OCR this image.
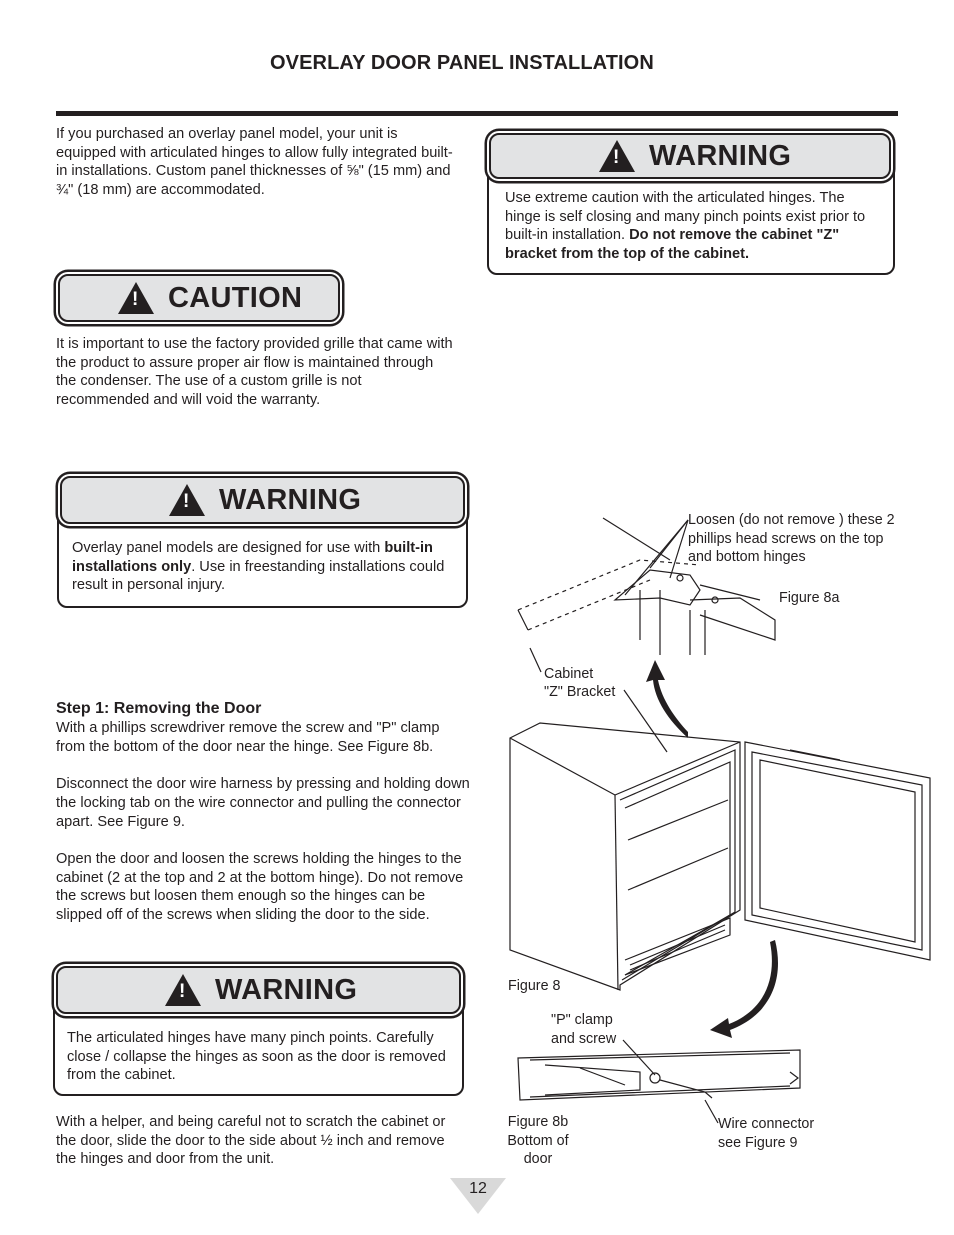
OVERLAY DOOR PANEL INSTALLATION
If you purchased an overlay panel model, your unit is equipped with articulated hinges to allow fully integrated built-in installations. Custom panel thicknesses of ⅝" (15 mm) and ¾" (18 mm) are accommodated.
! WARNING
Use extreme caution with the articulated hinges. The hinge is self closing and many pinch points exist prior to built-in installation. Do not remove the cabinet "Z" bracket from the top of the cabinet.
! CAUTION
It is important to use the factory provided grille that came with the product to assure proper air flow is maintained through the condenser. The use of a custom grille is not recommended and will void the warranty.
! WARNING
Overlay panel models are designed for use with built-in installations only. Use in freestanding installations could result in personal injury.
Step 1: Removing the Door

With a phillips screwdriver remove the screw and "P" clamp from the bottom of the door near the hinge. See Figure 8b.

Disconnect the door wire harness by pressing and holding down the locking tab on the wire connector and pulling the connector apart. See Figure 9.

Open the door and loosen the screws holding the hinges to the cabinet (2 at the top and 2 at the bottom hinge). Do not remove the screws but loosen them enough so the hinges can be slipped off of the screws when sliding the door to the side.

! WARNING
The articulated hinges have many pinch points. Carefully close / collapse the hinges as soon as the door is removed from the cabinet.
With a helper, and being careful not to scratch the cabinet or the door, slide the door to the side about ½ inch and remove the hinges and door from the unit.
Loosen (do not remove ) these 2 phillips head screws on the top and bottom hinges
Figure 8a
Cabinet
"Z" Bracket
Figure 8
"P" clamp
and screw
Figure 8b
Bottom of
door
Wire connector
see Figure 9
12
